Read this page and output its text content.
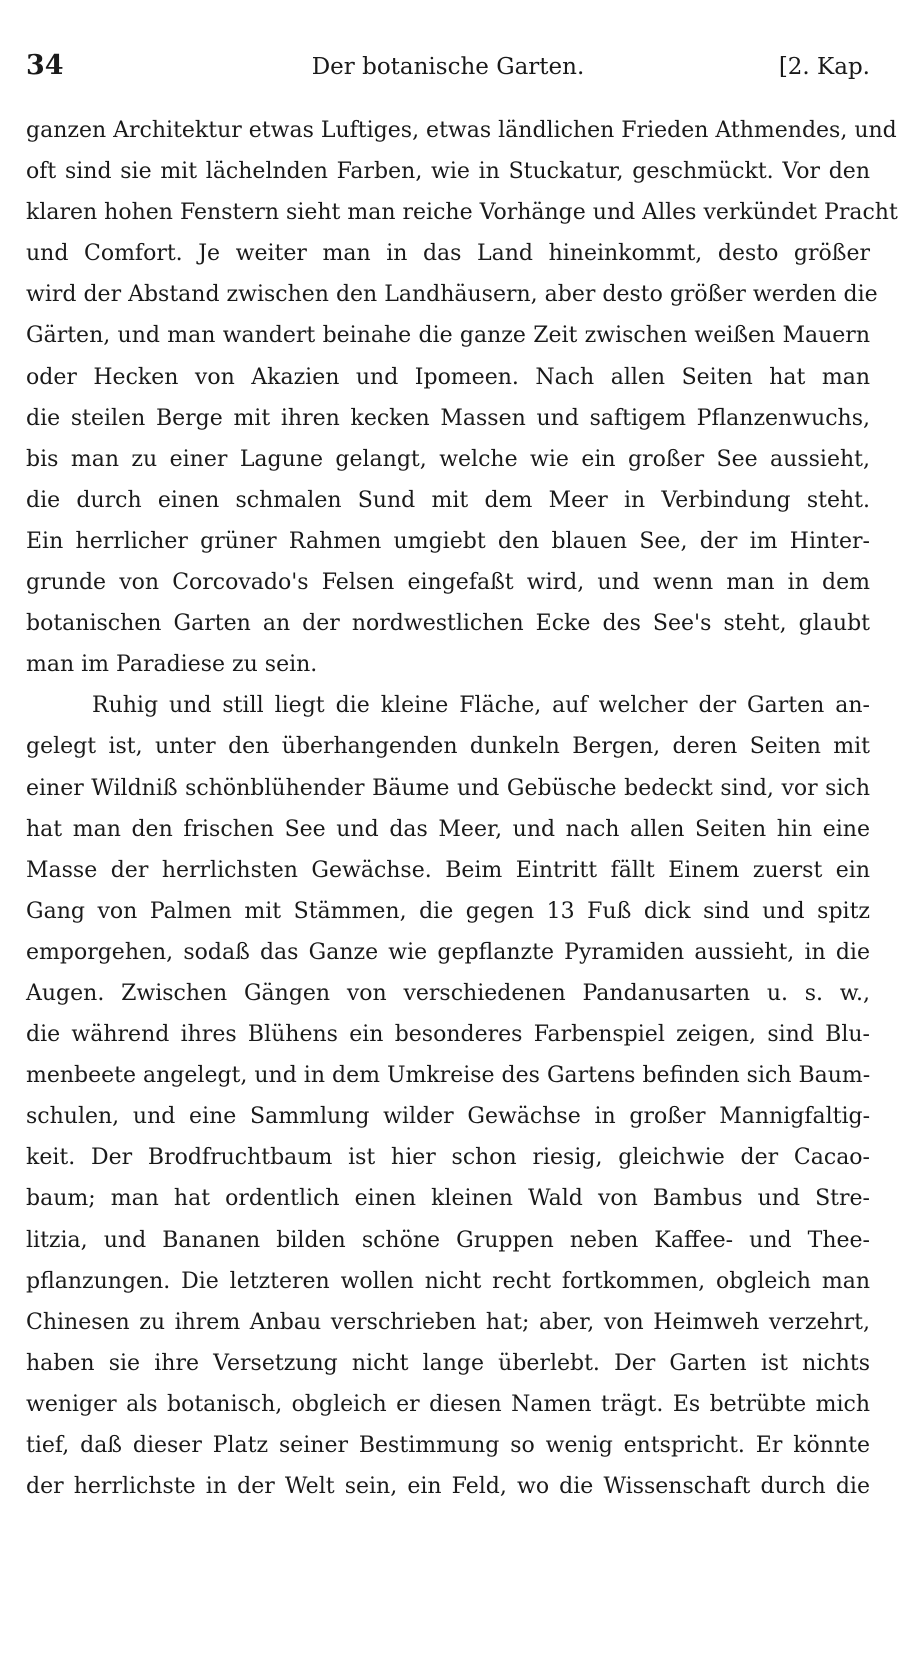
34	Der botanische Garten.	[2. Kap.
ganzen Architektur etwas Luftiges, etwas ländlichen Frieden Athmendes, und
oft sind sie mit lächelnden Farben, wie in Stuckatur, geschmückt. Vor den
klaren hohen Fenstern sieht man reiche Vorhänge und Alles verkündet Pracht
und Comfort. Je weiter man in das Land hineinkommt, desto größer
wird der Abstand zwischen den Landhäusern, aber desto größer werden die
Gärten, und man wandert beinahe die ganze Zeit zwischen weißen Mauern
oder Hecken von Akazien und Ipomeen. Nach allen Seiten hat man
die steilen Berge mit ihren kecken Massen und saftigem Pflanzenwuchs,
bis man zu einer Lagune gelangt, welche wie ein großer See aussieht,
die durch einen schmalen Sund mit dem Meer in Verbindung steht.
Ein herrlicher grüner Rahmen umgiebt den blauen See, der im Hinter-
grunde von Corcovado's Felsen eingefaßt wird, und wenn man in dem
botanischen Garten an der nordwestlichen Ecke des See's steht, glaubt
man im Paradiese zu sein.
Ruhig und still liegt die kleine Fläche, auf welcher der Garten an-
gelegt ist, unter den überhangenden dunkeln Bergen, deren Seiten mit
einer Wildniß schönblühender Bäume und Gebüsche bedeckt sind, vor sich
hat man den frischen See und das Meer, und nach allen Seiten hin eine
Masse der herrlichsten Gewächse. Beim Eintritt fällt Einem zuerst ein
Gang von Palmen mit Stämmen, die gegen 13 Fuß dick sind und spitz
emporgehen, sodaß das Ganze wie gepflanzte Pyramiden aussieht, in die
Augen. Zwischen Gängen von verschiedenen Pandanusarten u. s. w.,
die während ihres Blühens ein besonderes Farbenspiel zeigen, sind Blu-
menbeete angelegt, und in dem Umkreise des Gartens befinden sich Baum-
schulen, und eine Sammlung wilder Gewächse in großer Mannigfaltig-
keit. Der Brodfruchtbaum ist hier schon riesig, gleichwie der Cacao-
baum; man hat ordentlich einen kleinen Wald von Bambus und Stre-
litzia, und Bananen bilden schöne Gruppen neben Kaffee- und Thee-
pflanzungen. Die letzteren wollen nicht recht fortkommen, obgleich man
Chinesen zu ihrem Anbau verschrieben hat; aber, von Heimweh verzehrt,
haben sie ihre Versetzung nicht lange überlebt. Der Garten ist nichts
weniger als botanisch, obgleich er diesen Namen trägt. Es betrübte mich
tief, daß dieser Platz seiner Bestimmung so wenig entspricht. Er könnte
der herrlichste in der Welt sein, ein Feld, wo die Wissenschaft durch die
